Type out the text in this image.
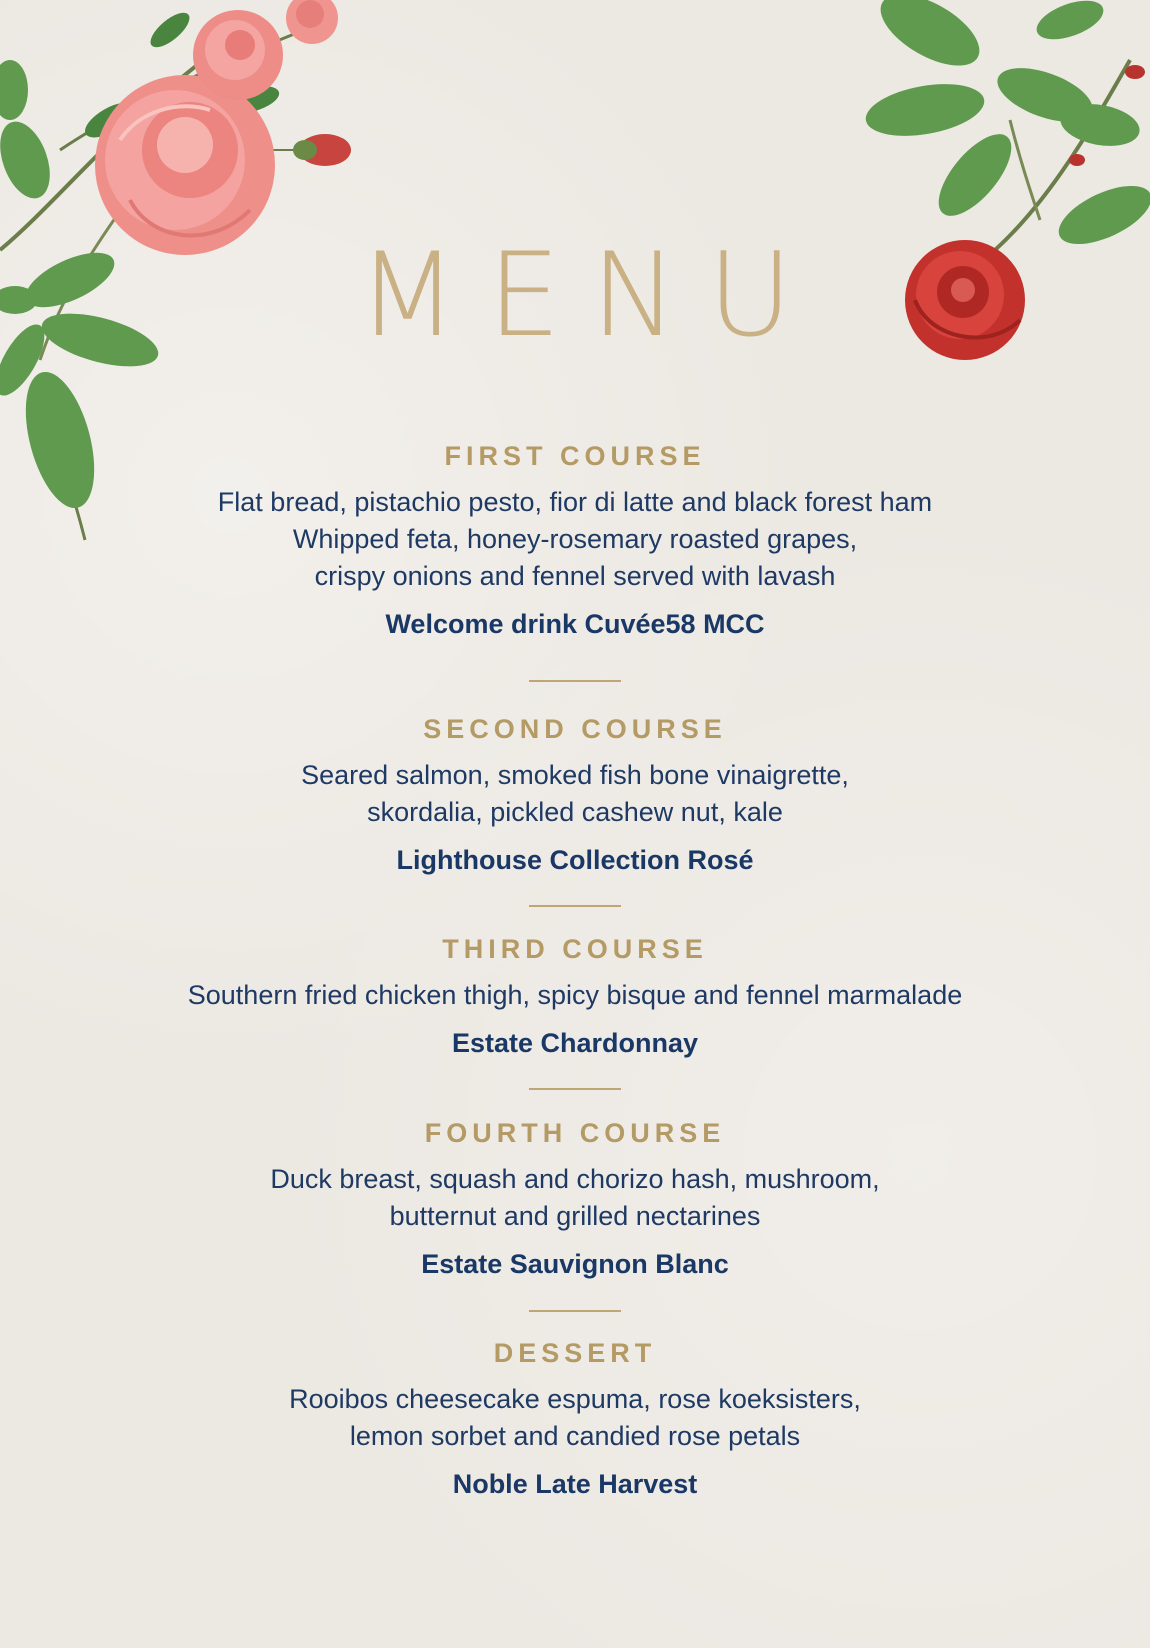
MENU
FIRST COURSE
Flat bread, pistachio pesto, fior di latte and black forest ham
Whipped feta, honey-rosemary roasted grapes,
crispy onions and fennel served with lavash
Welcome drink Cuvée58 MCC
SECOND COURSE
Seared salmon, smoked fish bone vinaigrette,
skordalia, pickled cashew nut, kale
Lighthouse Collection Rosé
THIRD COURSE
Southern fried chicken thigh, spicy bisque and fennel marmalade
Estate Chardonnay
FOURTH COURSE
Duck breast, squash and chorizo hash, mushroom,
butternut and grilled nectarines
Estate Sauvignon Blanc
DESSERT
Rooibos cheesecake espuma, rose koeksisters,
lemon sorbet and candied rose petals
Noble Late Harvest
